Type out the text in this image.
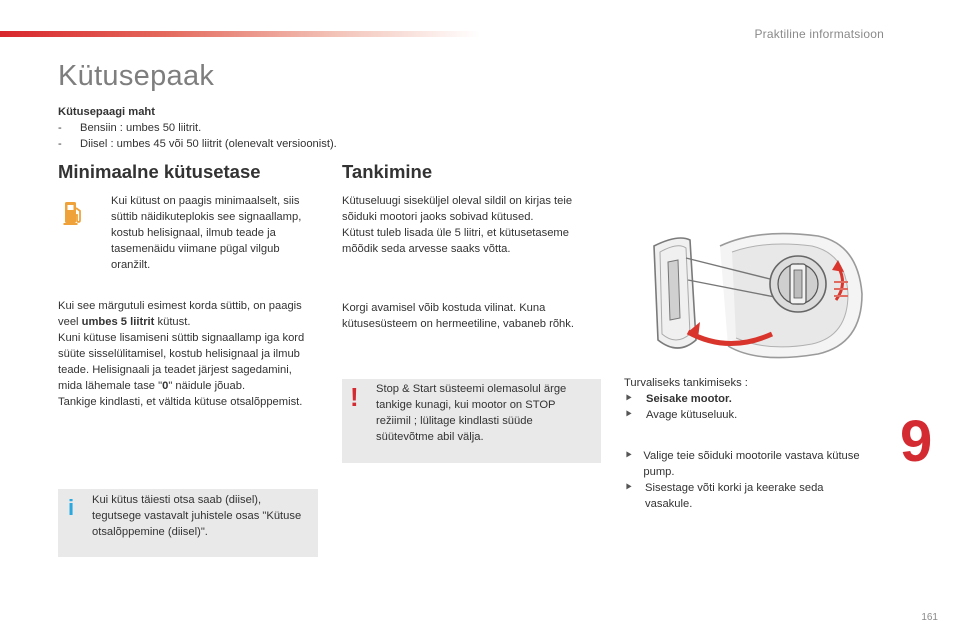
Praktiline informatsioon
Kütusepaak
Kütusepaagi maht
-	Bensiin : umbes 50 liitrit.
-	Diisel : umbes 45 või 50 liitrit (olenevalt versioonist).
Minimaalne kütusetase

Kui kütust on paagis minimaalselt, siis süttib näidikuteplokis see signaallamp, kostub helisignaal, ilmub teade ja tasemenäidu viimane pügal vilgub oranžilt.

Kui see märgutuli esimest korda süttib, on paagis veel umbes 5 liitrit kütust.
Kuni kütuse lisamiseni süttib signaallamp iga kord süüte sisselülitamisel, kostub helisignaal ja ilmub teade. Helisignaali ja teadet järjest sagedamini, mida lähemale tase "0" näidule jõuab.
Tankige kindlasti, et vältida kütuse otsalõppemist.

i	Kui kütus täiesti otsa saab (diisel), tegutsege vastavalt juhistele osas "Kütuse otsalõppemine (diisel)".

Tankimine

Kütuseluugi siseküljel oleval sildil on kirjas teie sõiduki mootori jaoks sobivad kütused.
Kütust tuleb lisada üle 5 liitri, et kütusetaseme mõõdik seda arvesse saaks võtta.

Korgi avamisel võib kostuda vilinat. Kuna kütusesüsteem on hermeetiline, vabaneb rõhk.

! Stop & Start süsteemi olemasolul ärge tankige kunagi, kui mootor on STOP režiimil ; lülitage kindlasti süüde süütevõtme abil välja.

Turvaliseks tankimiseks :
⯈	Seisake mootor.
⯈	Avage kütuseluuk.
⯈ Valige teie sõiduki mootorile vastava kütuse pump.
⯈	Sisestage võti korki ja keerake seda vasakule.
9
161
